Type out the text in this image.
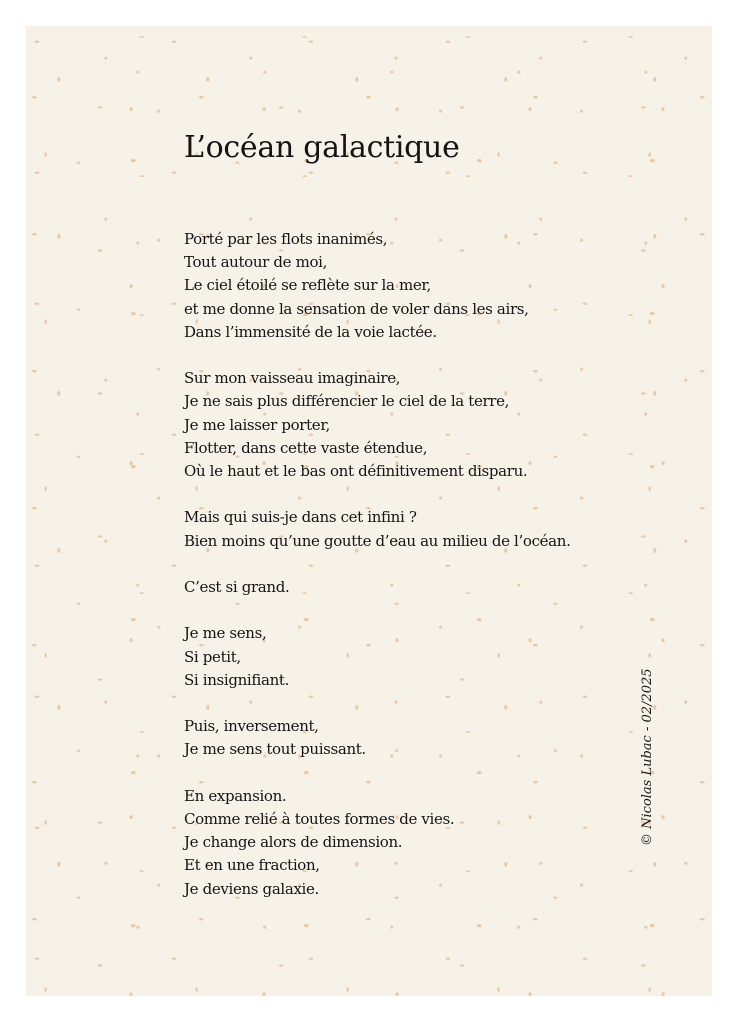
L’océan galactique

Porté par les flots inanimés,
Tout autour de moi,
Le ciel étoilé se reflète sur la mer,
et me donne la sensation de voler dans les airs,
Dans l’immensité de la voie lactée.

Sur mon vaisseau imaginaire,
Je ne sais plus différencier le ciel de la terre,
Je me laisser porter,
Flotter, dans cette vaste étendue,
Où le haut et le bas ont définitivement disparu.

Mais qui suis-je dans cet infini ?
Bien moins qu’une goutte d’eau au milieu de l’océan.

C’est si grand.

Je me sens,
Si petit,
Si insignifiant.

Puis, inversement,
Je me sens tout puissant.

En expansion.
Comme relié à toutes formes de vies.
Je change alors de dimension.
Et en une fraction,
Je deviens galaxie.

© Nicolas Lubac - 02/2025
